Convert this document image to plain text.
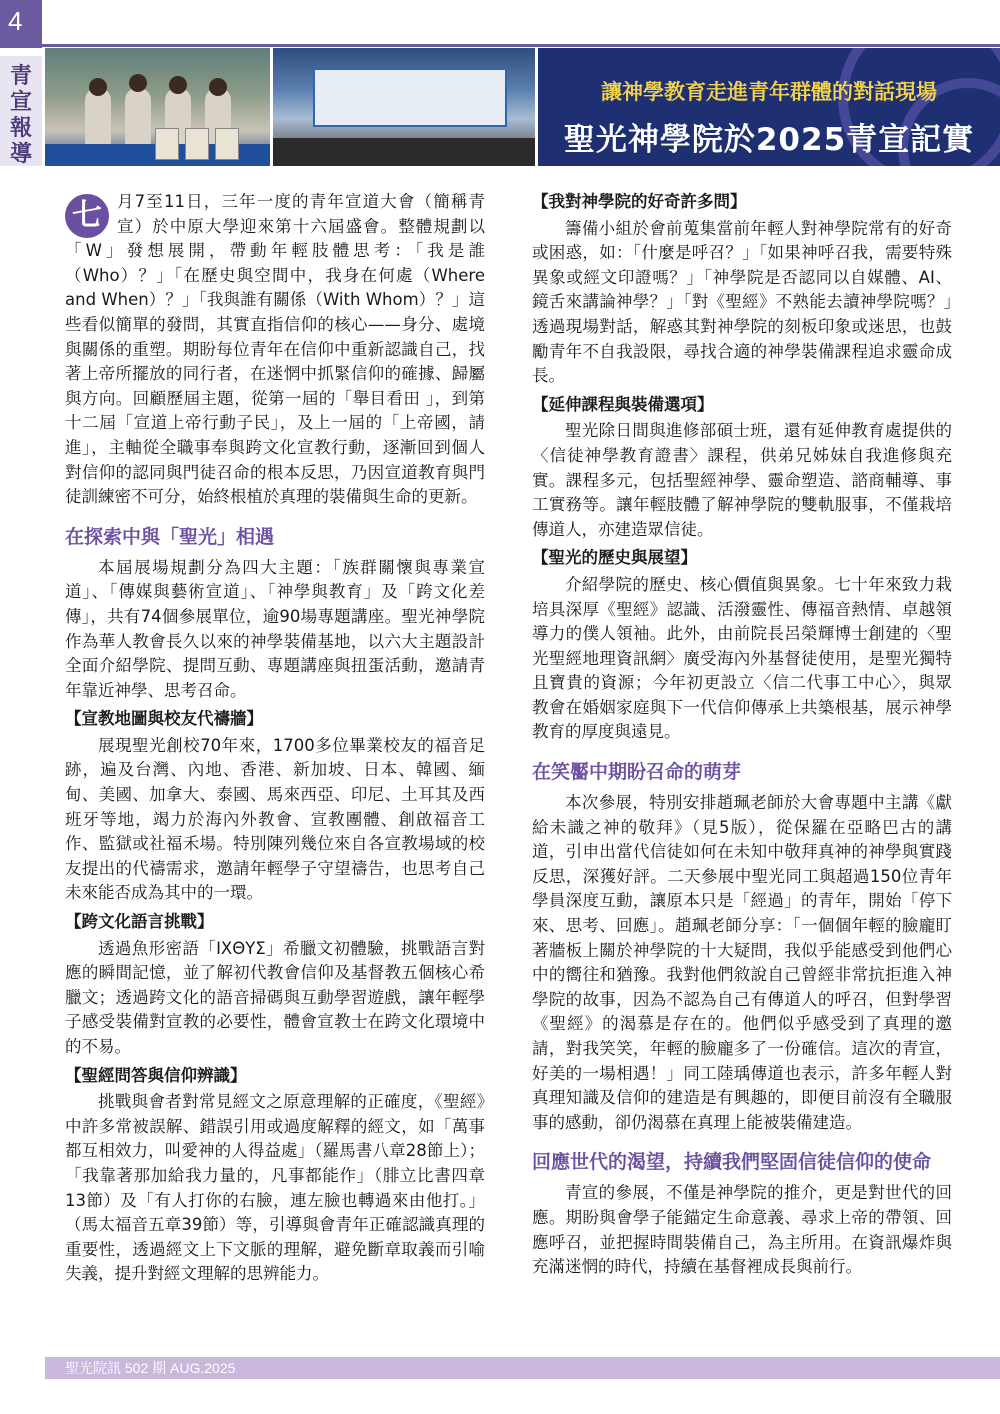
4
青
宣
報
導
讓神學教育走進青年群體的對話現場
聖光神學院於2025青宣記實

七 月7至11日，三年一度的青年宣道大會（簡稱青宣）於中原大學迎來第十六屆盛會。整體規劃以「W」發想展開，帶動年輕肢體思考：「我是誰（Who）？」「在歷史與空間中，我身在何處（Where and When）？」「我與誰有關係（With Whom）？」這些看似簡單的發問，其實直指信仰的核心——身分、處境與關係的重塑。期盼每位青年在信仰中重新認識自己，找著上帝所擺放的同行者，在迷惘中抓緊信仰的確據、歸屬與方向。回顧歷屆主題，從第一屆的「舉目看田 」，到第十二屆「宣道上帝行動子民」，及上一屆的「上帝國，請進」，主軸從全職事奉與跨文化宣教行動，逐漸回到個人對信仰的認同與門徒召命的根本反思，乃因宣道教育與門徒訓練密不可分，始終根植於真理的裝備與生命的更新。

在探索中與「聖光」相遇

本屆展場規劃分為四大主題：「族群關懷與專業宣道」、「傳媒與藝術宣道」、「神學與教育」及「跨文化差傳」，共有74個參展單位，逾90場專題講座。聖光神學院作為華人教會長久以來的神學裝備基地，以六大主題設計全面介紹學院、提問互動、專題講座與扭蛋活動，邀請青年靠近神學、思考召命。

【宣教地圖與校友代禱牆】

展現聖光創校70年來，1700多位畢業校友的福音足跡，遍及台灣、內地、香港、新加坡、日本、韓國、緬甸、美國、加拿大、泰國、馬來西亞、印尼、土耳其及西班牙等地，竭力於海內外教會、宣教團體、創啟福音工作、監獄或社福禾場。特別陳列幾位來自各宣教場域的校友提出的代禱需求，邀請年輕學子守望禱告，也思考自己未來能否成為其中的一環。

【跨文化語言挑戰】

透過魚形密語「ΙΧΘΥΣ」希臘文初體驗，挑戰語言對應的瞬間記憶，並了解初代教會信仰及基督教五個核心希臘文；透過跨文化的語音掃碼與互動學習遊戲，讓年輕學子感受裝備對宣教的必要性，體會宣教士在跨文化環境中的不易。

【聖經問答與信仰辨識】

挑戰與會者對常見經文之原意理解的正確度，《聖經》中許多常被誤解、錯誤引用或過度解釋的經文，如「萬事都互相效力，叫愛神的人得益處」（羅馬書八章28節上）；「我靠著那加給我力量的，凡事都能作」（腓立比書四章13節）及「有人打你的右臉，連左臉也轉過來由他打。」（馬太福音五章39節）等，引導與會青年正確認識真理的重要性，透過經文上下文脈的理解，避免斷章取義而引喻失義，提升對經文理解的思辨能力。

【我對神學院的好奇許多問】

籌備小組於會前蒐集當前年輕人對神學院常有的好奇或困惑，如：「什麼是呼召？」「如果神呼召我，需要特殊異象或經文印證嗎？」「神學院是否認同以自媒體、AI、鏡舌來講論神學？」「對《聖經》不熟能去讀神學院嗎？」透過現場對話，解惑其對神學院的刻板印象或迷思，也鼓勵青年不自我設限，尋找合適的神學裝備課程追求靈命成長。

【延伸課程與裝備選項】

聖光除日間與進修部碩士班，還有延伸教育處提供的〈信徒神學教育證書〉課程，供弟兄姊妹自我進修與充實。課程多元，包括聖經神學、靈命塑造、諮商輔導、事工實務等。讓年輕肢體了解神學院的雙軌服事，不僅栽培傳道人，亦建造眾信徒。

【聖光的歷史與展望】

介紹學院的歷史、核心價值與異象。七十年來致力栽培具深厚《聖經》認識、活潑靈性、傳福音熱情、卓越領導力的僕人領袖。此外，由前院長呂榮輝博士創建的〈聖光聖經地理資訊網〉廣受海內外基督徒使用，是聖光獨特且寶貴的資源；今年初更設立〈信二代事工中心〉，與眾教會在婚姻家庭與下一代信仰傳承上共築根基，展示神學教育的厚度與遠見。

在笑靨中期盼召命的萌芽

本次參展，特別安排趙珮老師於大會專題中主講《獻給未識之神的敬拜》（見5版），從保羅在亞略巴古的講道，引申出當代信徒如何在未知中敬拜真神的神學與實踐反思，深獲好評。二天參展中聖光同工與超過150位青年學員深度互動，讓原本只是「經過」的青年，開始「停下來、思考、回應」。趙珮老師分享：「一個個年輕的臉龐盯著牆板上關於神學院的十大疑問，我似乎能感受到他們心中的嚮往和猶豫。我對他們敘說自己曾經非常抗拒進入神學院的故事，因為不認為自己有傳道人的呼召，但對學習《聖經》的渴慕是存在的。他們似乎感受到了真理的邀請，對我笑笑，年輕的臉龐多了一份確信。這次的青宣，好美的一場相遇！」同工陸瑀傳道也表示，許多年輕人對真理知識及信仰的建造是有興趣的，即便目前沒有全職服事的感動，卻仍渴慕在真理上能被裝備建造。

回應世代的渴望，持續我們堅固信徒信仰的使命

青宣的參展，不僅是神學院的推介，更是對世代的回應。期盼與會學子能錨定生命意義、尋求上帝的帶領、回應呼召，並把握時間裝備自己，為主所用。在資訊爆炸與充滿迷惘的時代，持續在基督裡成長與前行。

聖光院訊 502 期 AUG.2025
